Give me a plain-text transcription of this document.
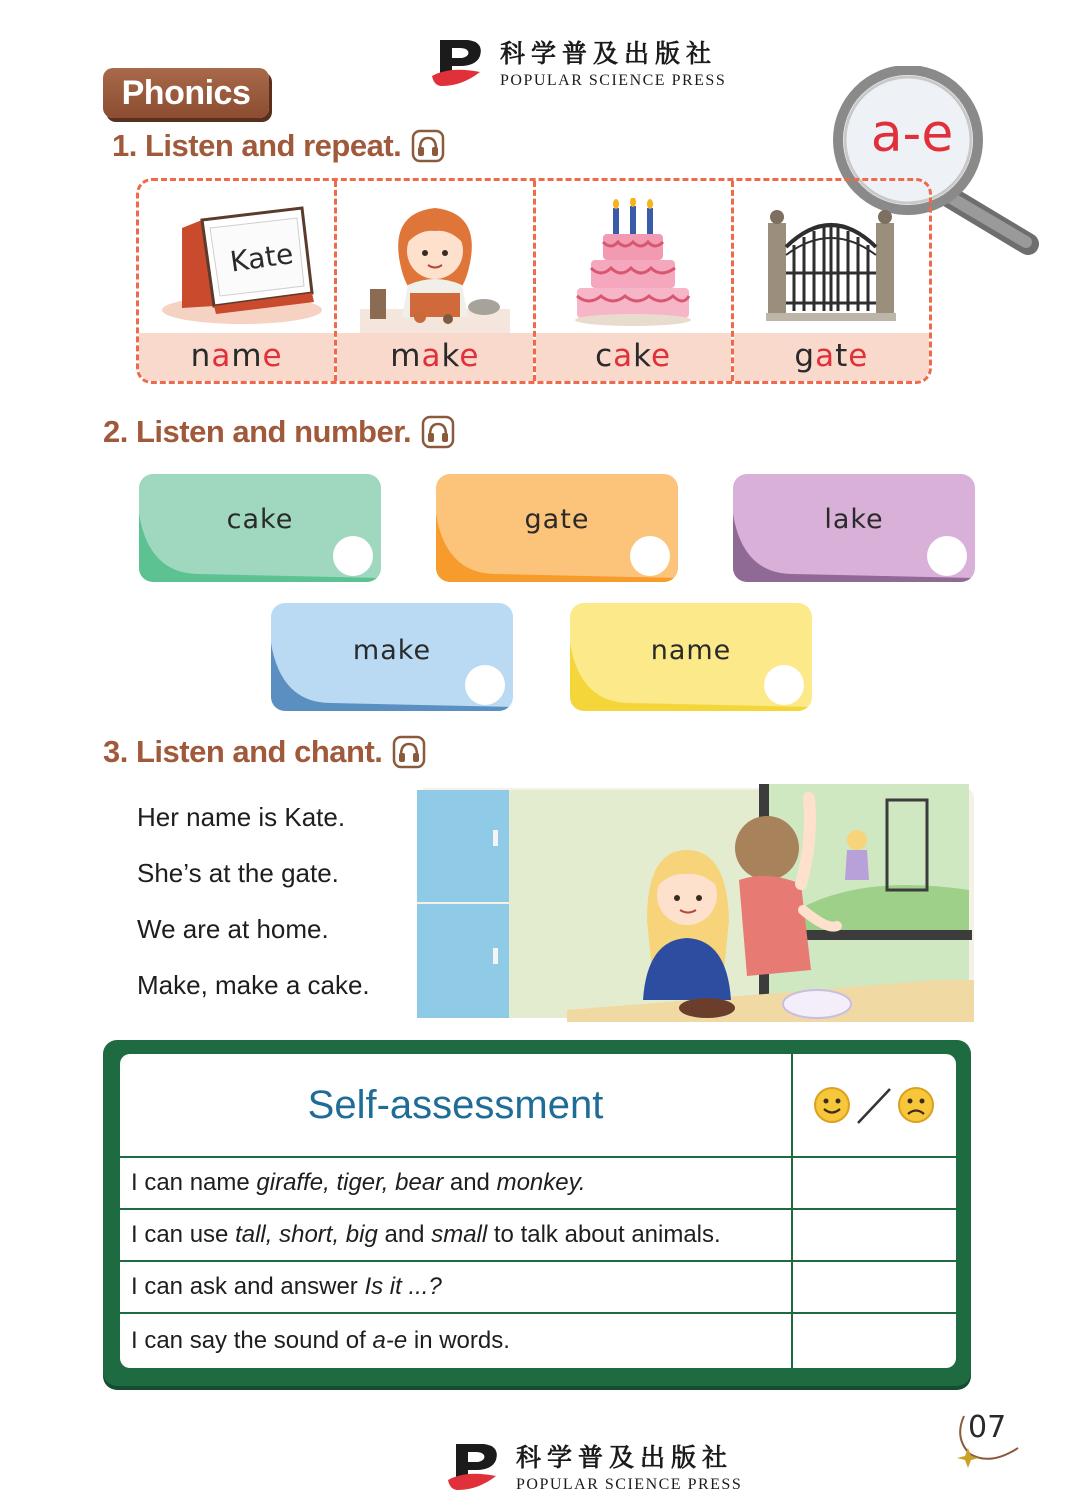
科学普及出版社
POPULAR SCIENCE PRESS
Phonics
a-e
1. Listen and repeat.
Kate
name	make	cake	gate
2. Listen and number.
cake	gate	lake
make	name
3. Listen and chant.
Her name is Kate.
She’s at the gate.
We are at home.
Make, make a cake.
Self-assessment
I can name
giraffe, tiger, bear
and
monkey.
I can use
tall, short, big
and
small
to talk about animals.
I can ask and answer
Is it ...?
I can say the sound of
a-e
in words.
07
科学普及出版社
POPULAR SCIENCE PRESS
